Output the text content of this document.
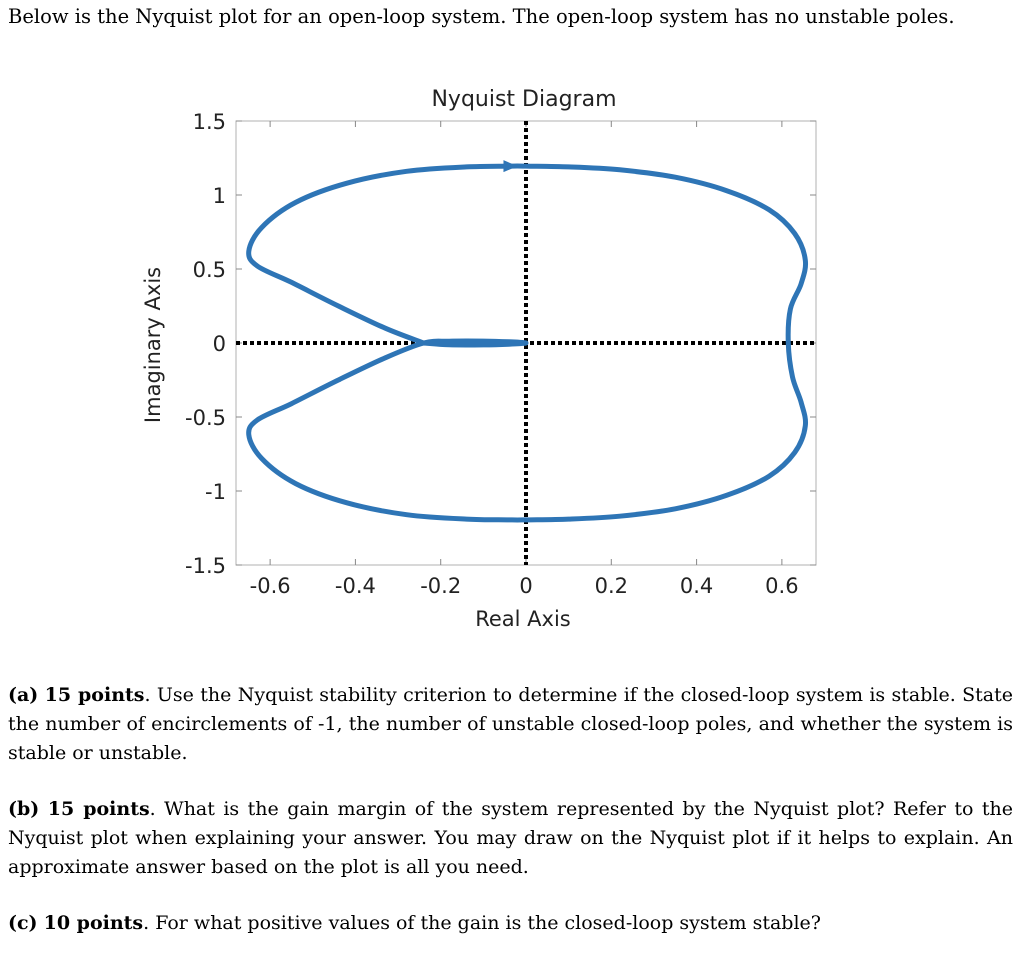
Below is the Nyquist plot for an open-loop system. The open-loop system has no unstable poles.
Nyquist Diagram
-0.6 -0.4 -0.2	0	0.2 0.4 0.6
1.5
1
0.5
0
-0.5
-1
-1.5
Real Axis
Imaginary Axis
(a) 15 points. Use the Nyquist stability criterion to determine if the closed-loop system is stable. State the number of encirclements of -1, the number of unstable closed-loop poles, and whether the system is stable or unstable.
(b) 15 points. What is the gain margin of the system represented by the Nyquist plot? Refer to the Nyquist plot when explaining your answer. You may draw on the Nyquist plot if it helps to explain. An approximate answer based on the plot is all you need.
(c) 10 points. For what positive values of the gain is the closed-loop system stable?
